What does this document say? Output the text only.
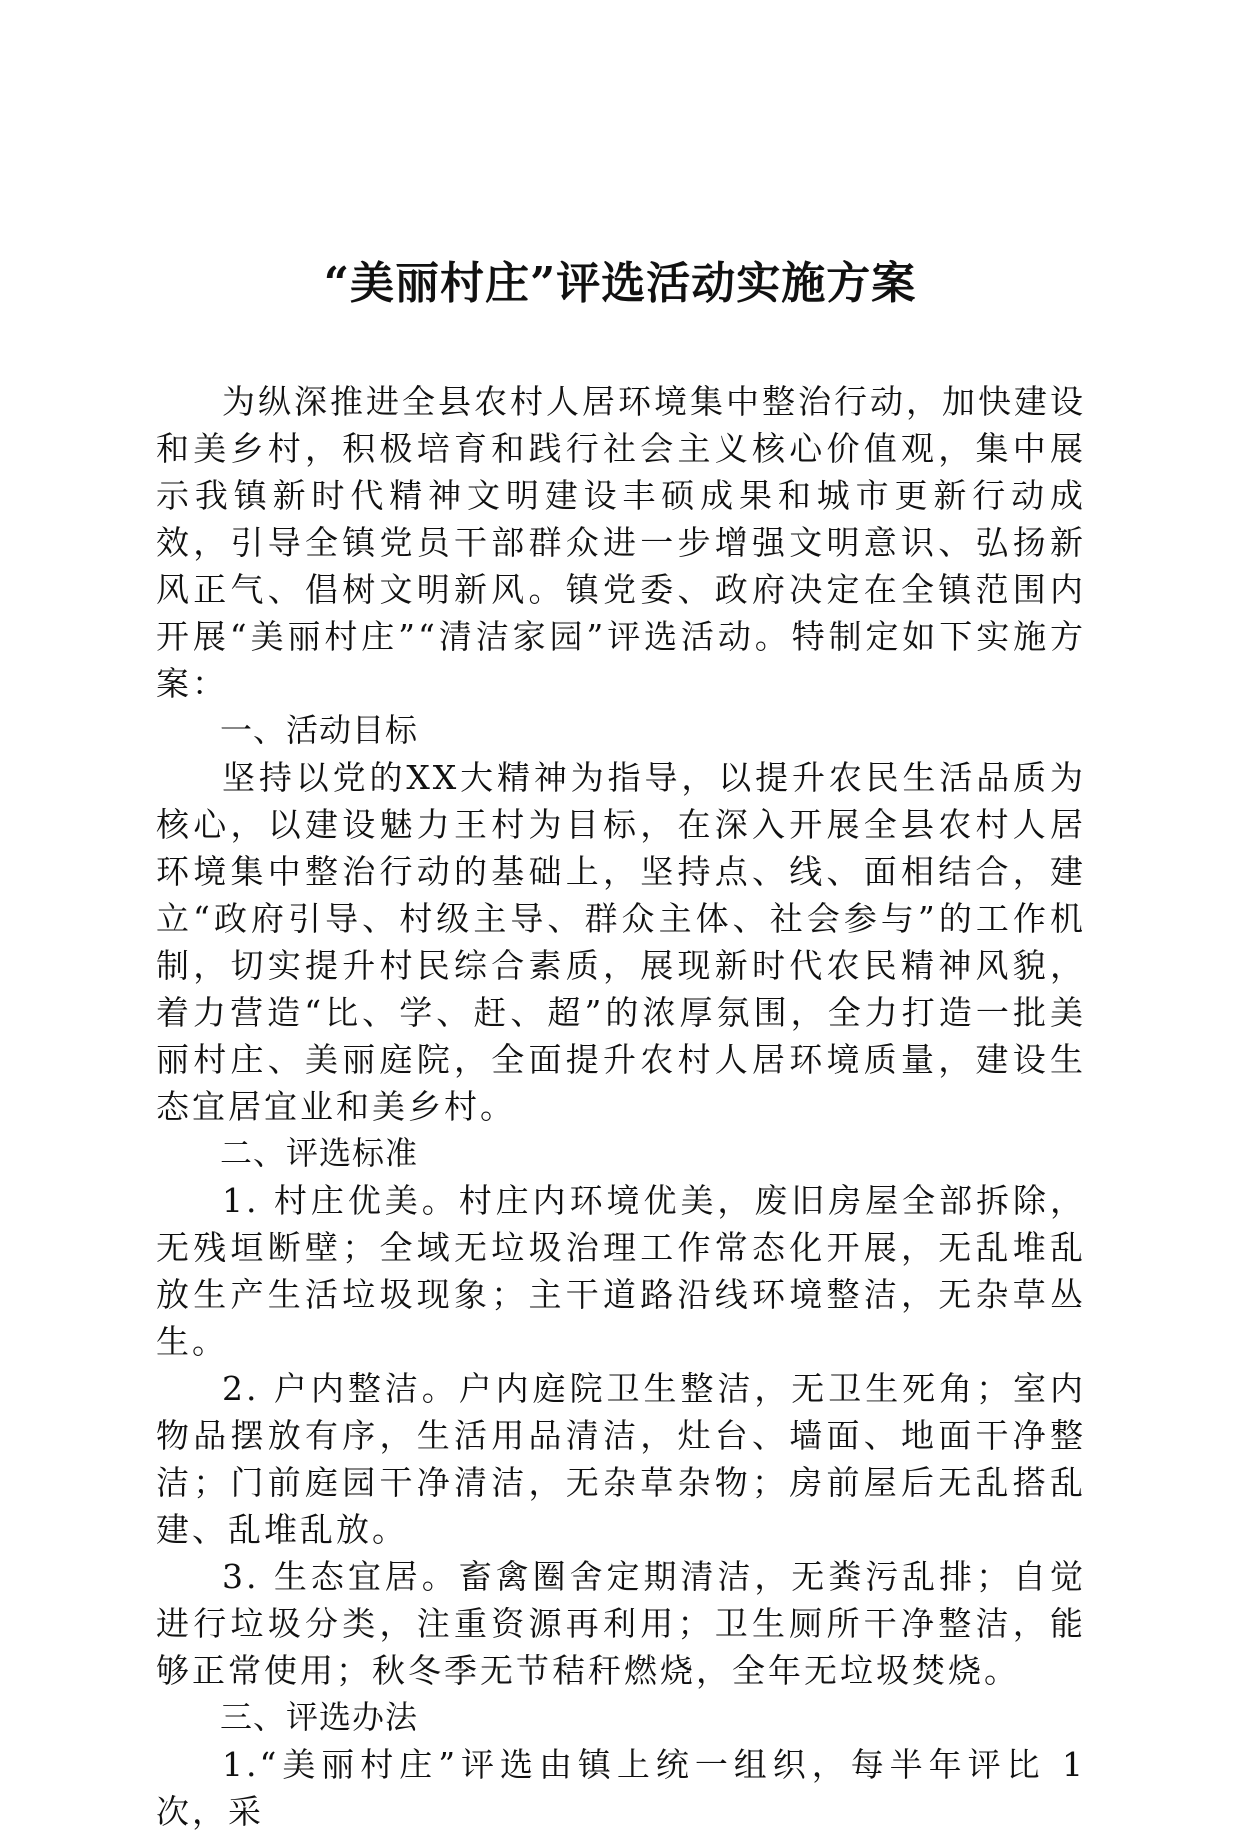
“美丽村庄”评选活动实施方案

为纵深推进全县农村人居环境集中整治行动，加快建设和美乡村，积极培育和践行社会主义核心价值观，集中展示我镇新时代精神文明建设丰硕成果和城市更新行动成效，引导全镇党员干部群众进一步增强文明意识、弘扬新风正气、倡树文明新风。镇党委、政府决定在全镇范围内开展“美丽村庄”“清洁家园”评选活动。特制定如下实施方案：

一、活动目标

坚持以党的XX大精神为指导，以提升农民生活品质为核心，以建设魅力王村为目标，在深入开展全县农村人居环境集中整治行动的基础上，坚持点、线、面相结合，建立“政府引导、村级主导、群众主体、社会参与”的工作机制，切实提升村民综合素质，展现新时代农民精神风貌，着力营造“比、学、赶、超”的浓厚氛围，全力打造一批美丽村庄、美丽庭院，全面提升农村人居环境质量，建设生态宜居宜业和美乡村。

二、评选标准

1. 村庄优美。村庄内环境优美，废旧房屋全部拆除，无残垣断壁；全域无垃圾治理工作常态化开展，无乱堆乱放生产生活垃圾现象；主干道路沿线环境整洁，无杂草丛生。

2. 户内整洁。户内庭院卫生整洁，无卫生死角；室内物品摆放有序，生活用品清洁，灶台、墙面、地面干净整洁；门前庭园干净清洁，无杂草杂物；房前屋后无乱搭乱建、乱堆乱放。

3. 生态宜居。畜禽圈舍定期清洁，无粪污乱排；自觉进行垃圾分类，注重资源再利用；卫生厕所干净整洁，能够正常使用；秋冬季无节秸秆燃烧，全年无垃圾焚烧。

三、评选办法

1.“美丽村庄”评选由镇上统一组织，每半年评比 1 次，采
